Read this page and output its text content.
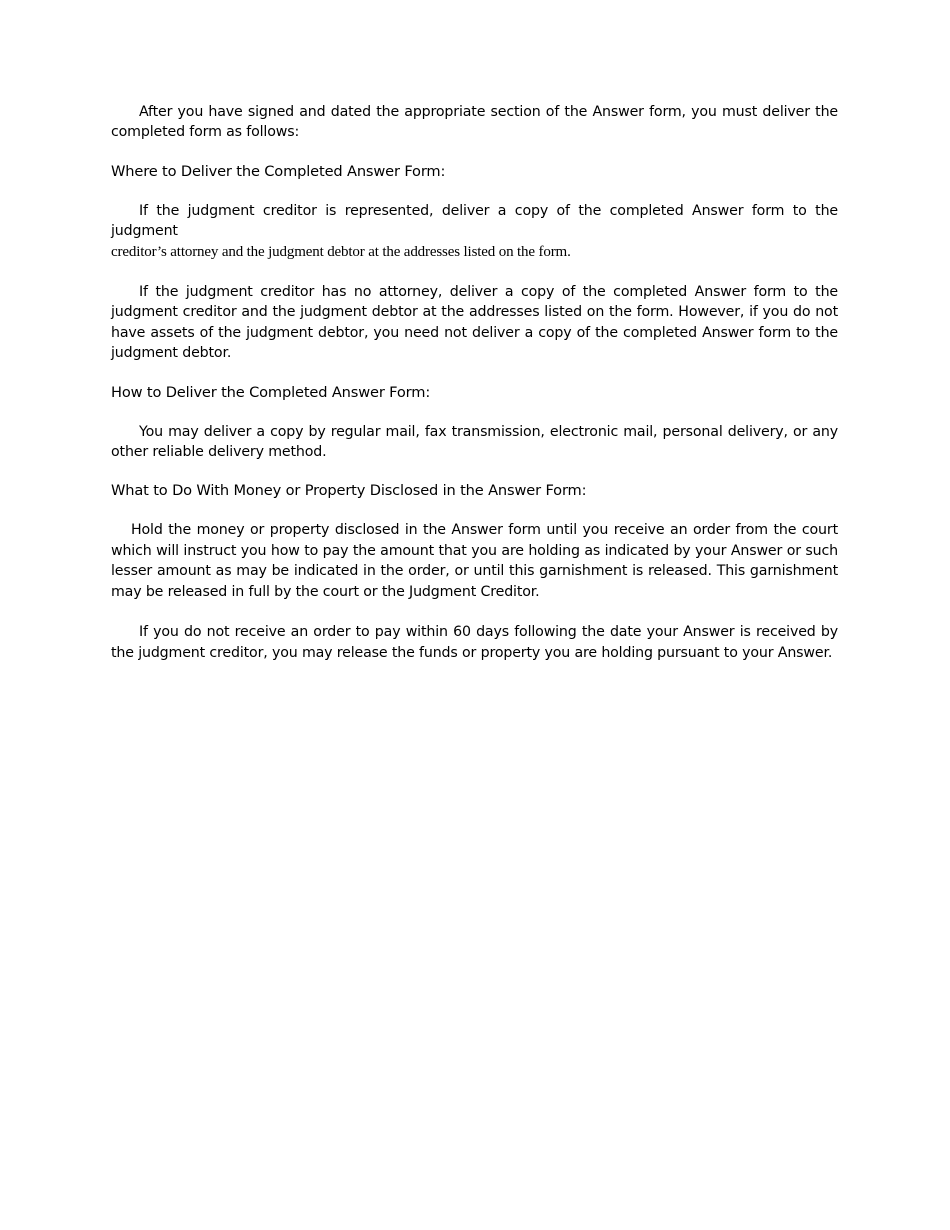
After you have signed and dated the appropriate section of the Answer form, you must deliver the completed form as follows:

Where to Deliver the Completed Answer Form:

If the judgment creditor is represented, deliver a copy of the completed Answer form to the judgment

creditor’s attorney and the judgment debtor at the addresses listed on the form.

If the judgment creditor has no attorney, deliver a copy of the completed Answer form to the judgment creditor and the judgment debtor at the addresses listed on the form. However, if you do not have assets of the judgment debtor, you need not deliver a copy of the completed Answer form to the judgment debtor.

How to Deliver the Completed Answer Form:

You may deliver a copy by regular mail, fax transmission, electronic mail, personal delivery, or any other reliable delivery method.

What to Do With Money or Property Disclosed in the Answer Form:

Hold the money or property disclosed in the Answer form until you receive an order from the court which will instruct you how to pay the amount that you are holding as indicated by your Answer or such lesser amount as may be indicated in the order, or until this garnishment is released. This garnishment may be released in full by the court or the Judgment Creditor.

If you do not receive an order to pay within 60 days following the date your Answer is received by the judgment creditor, you may release the funds or property you are holding pursuant to your Answer.
